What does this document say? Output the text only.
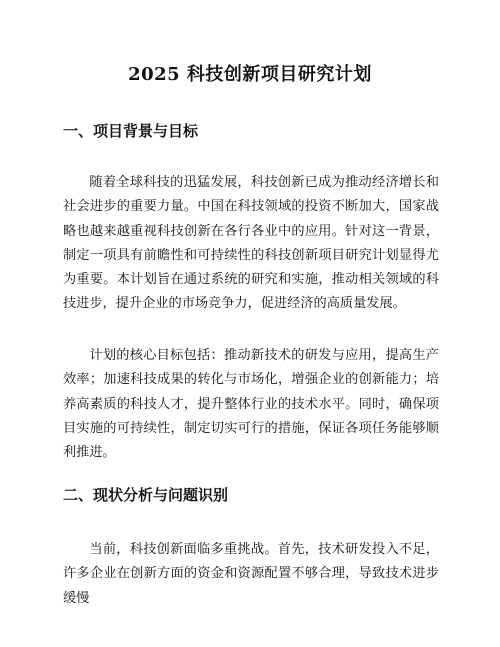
2025 科技创新项目研究计划
一、项目背景与目标

随着全球科技的迅猛发展，科技创新已成为推动经济增长和社会进步的重要力量。中国在科技领域的投资不断加大，国家战略也越来越重视科技创新在各行各业中的应用。针对这一背景，制定一项具有前瞻性和可持续性的科技创新项目研究计划显得尤为重要。本计划旨在通过系统的研究和实施，推动相关领域的科技进步，提升企业的市场竞争力，促进经济的高质量发展。

计划的核心目标包括：推动新技术的研发与应用，提高生产效率；加速科技成果的转化与市场化，增强企业的创新能力；培养高素质的科技人才，提升整体行业的技术水平。同时，确保项目实施的可持续性，制定切实可行的措施，保证各项任务能够顺利推进。

二、现状分析与问题识别

当前，科技创新面临多重挑战。首先，技术研发投入不足，许多企业在创新方面的资金和资源配置不够合理，导致技术进步缓慢
